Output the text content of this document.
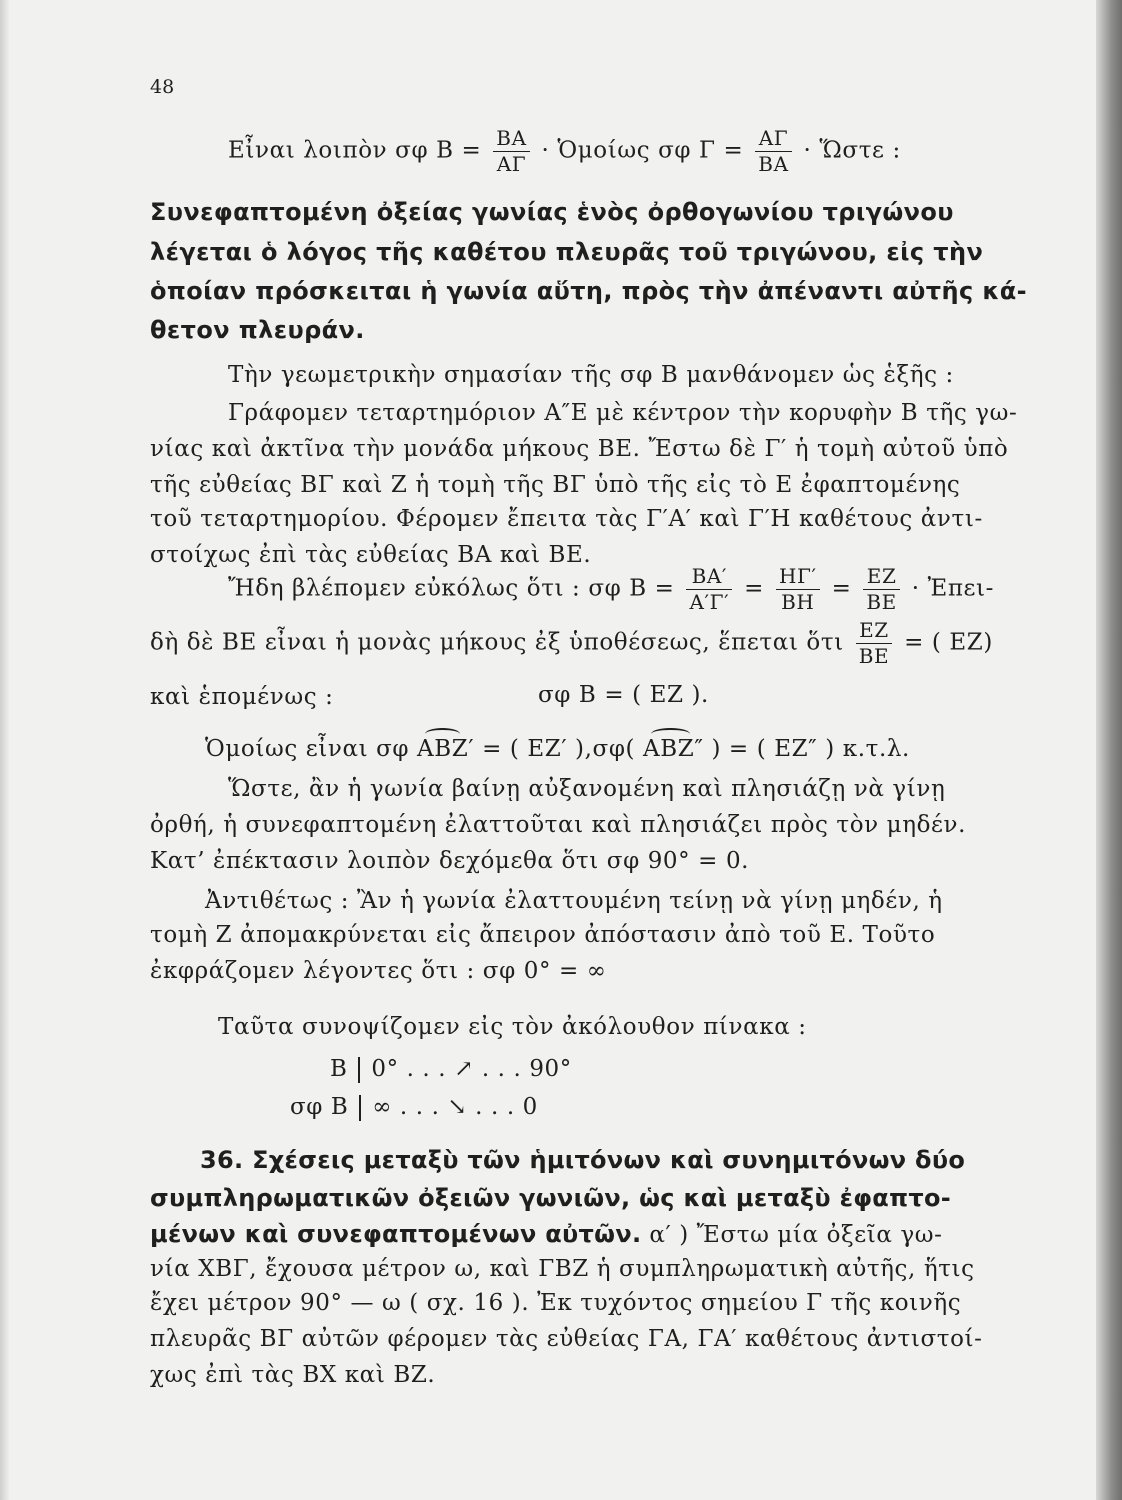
48
Εἶναι λοιπὸν σφ $B = \frac{BA}{A\Gamma}$ · Ὁμοίως σφ $\Gamma = \frac{A\Gamma}{BA}$ · Ὥστε :
Συνεφαπτομένη ὀξείας γωνίας ἑνὸς ὀρθογωνίου τριγώνου
λέγεται ὁ λόγος τῆς καθέτου πλευρᾶς τοῦ τριγώνου, εἰς τὴν
ὁποίαν πρόσκειται ἡ γωνία αὕτη, πρὸς τὴν ἀπέναντι αὐτῆς κά-
θετον πλευράν.
Τὴν γεωμετρικὴν σημασίαν τῆς σφ Β μανθάνομεν ὡς ἑξῆς :
Γράφομεν τεταρτημόριον Α″Ε μὲ κέντρον τὴν κορυφὴν Β τῆς γω-
νίας καὶ ἀκτῖνα τὴν μονάδα μήκους ΒΕ. Ἔστω δὲ Γ′ ἡ τομὴ αὐτοῦ ὑπὸ
τῆς εὐθείας ΒΓ καὶ Ζ ἡ τομὴ τῆς ΒΓ ὑπὸ τῆς εἰς τὸ Ε ἐφαπτομένης
τοῦ τεταρτημορίου. Φέρομεν ἔπειτα τὰς Γ′Α′ καὶ Γ′Η καθέτους ἀντι-
στοίχως ἐπὶ τὰς εὐθείας ΒΑ καὶ ΒΕ.
Ἤδη βλέπομεν εὐκόλως ὅτι : σφ $B = \frac{BA'}{A'\Gamma'} = \frac{H\Gamma'}{BH} = \frac{EZ}{BE}$ · Ἐπει-
δὴ δὲ ΒΕ εἶναι ἡ μονὰς μήκους ἐξ ὑποθέσεως, ἕπεται ὅτι $\frac{EZ}{BE}$ = ( ΕΖ)
καὶ ἑπομένως :	σφ Β = ( ΕΖ ).
Ὁμοίως εἶναι σφ ΑΒΖ′ = ( ΕΖ′ ),σφ( ΑΒΖ″ ) = ( ΕΖ″ ) κ.τ.λ.
Ὥστε, ἂν ἡ γωνία βαίνῃ αὐξανομένη καὶ πλησιάζῃ νὰ γίνῃ
ὀρθή, ἡ συνεφαπτομένη ἐλαττοῦται καὶ πλησιάζει πρὸς τὸν μηδέν.
Κατ’ ἐπέκτασιν λοιπὸν δεχόμεθα ὅτι σφ 90° = 0.
Ἀντιθέτως : Ἂν ἡ γωνία ἐλαττουμένη τείνῃ νὰ γίνῃ μηδέν, ἡ
τομὴ Ζ ἀπομακρύνεται εἰς ἄπειρον ἀπόστασιν ἀπὸ τοῦ Ε. Τοῦτο
ἐκφράζομεν λέγοντες ὅτι : σφ 0° = ∞
Ταῦτα συνοψίζομεν εἰς τὸν ἀκόλουθον πίνακα :
Β 0° . . . ↗ . . . 90°
σφ Β ∞ . . . ↘ . . . 0
36. Σχέσεις μεταξὺ τῶν ἡμιτόνων καὶ συνημιτόνων δύο
συμπληρωματικῶν ὀξειῶν γωνιῶν, ὡς καὶ μεταξὺ ἐφαπτο-
μένων καὶ συνεφαπτομένων αὐτῶν. α′ ) Ἔστω μία ὀξεῖα γω-
νία ΧΒΓ, ἔχουσα μέτρον ω, καὶ ΓΒΖ ἡ συμπληρωματικὴ αὐτῆς, ἥτις
ἔχει μέτρον 90° — ω ( σχ. 16 ). Ἐκ τυχόντος σημείου Γ τῆς κοινῆς
πλευρᾶς ΒΓ αὐτῶν φέρομεν τὰς εὐθείας ΓΑ, ΓΑ′ καθέτους ἀντιστοί-
χως ἐπὶ τὰς ΒΧ καὶ ΒΖ.
